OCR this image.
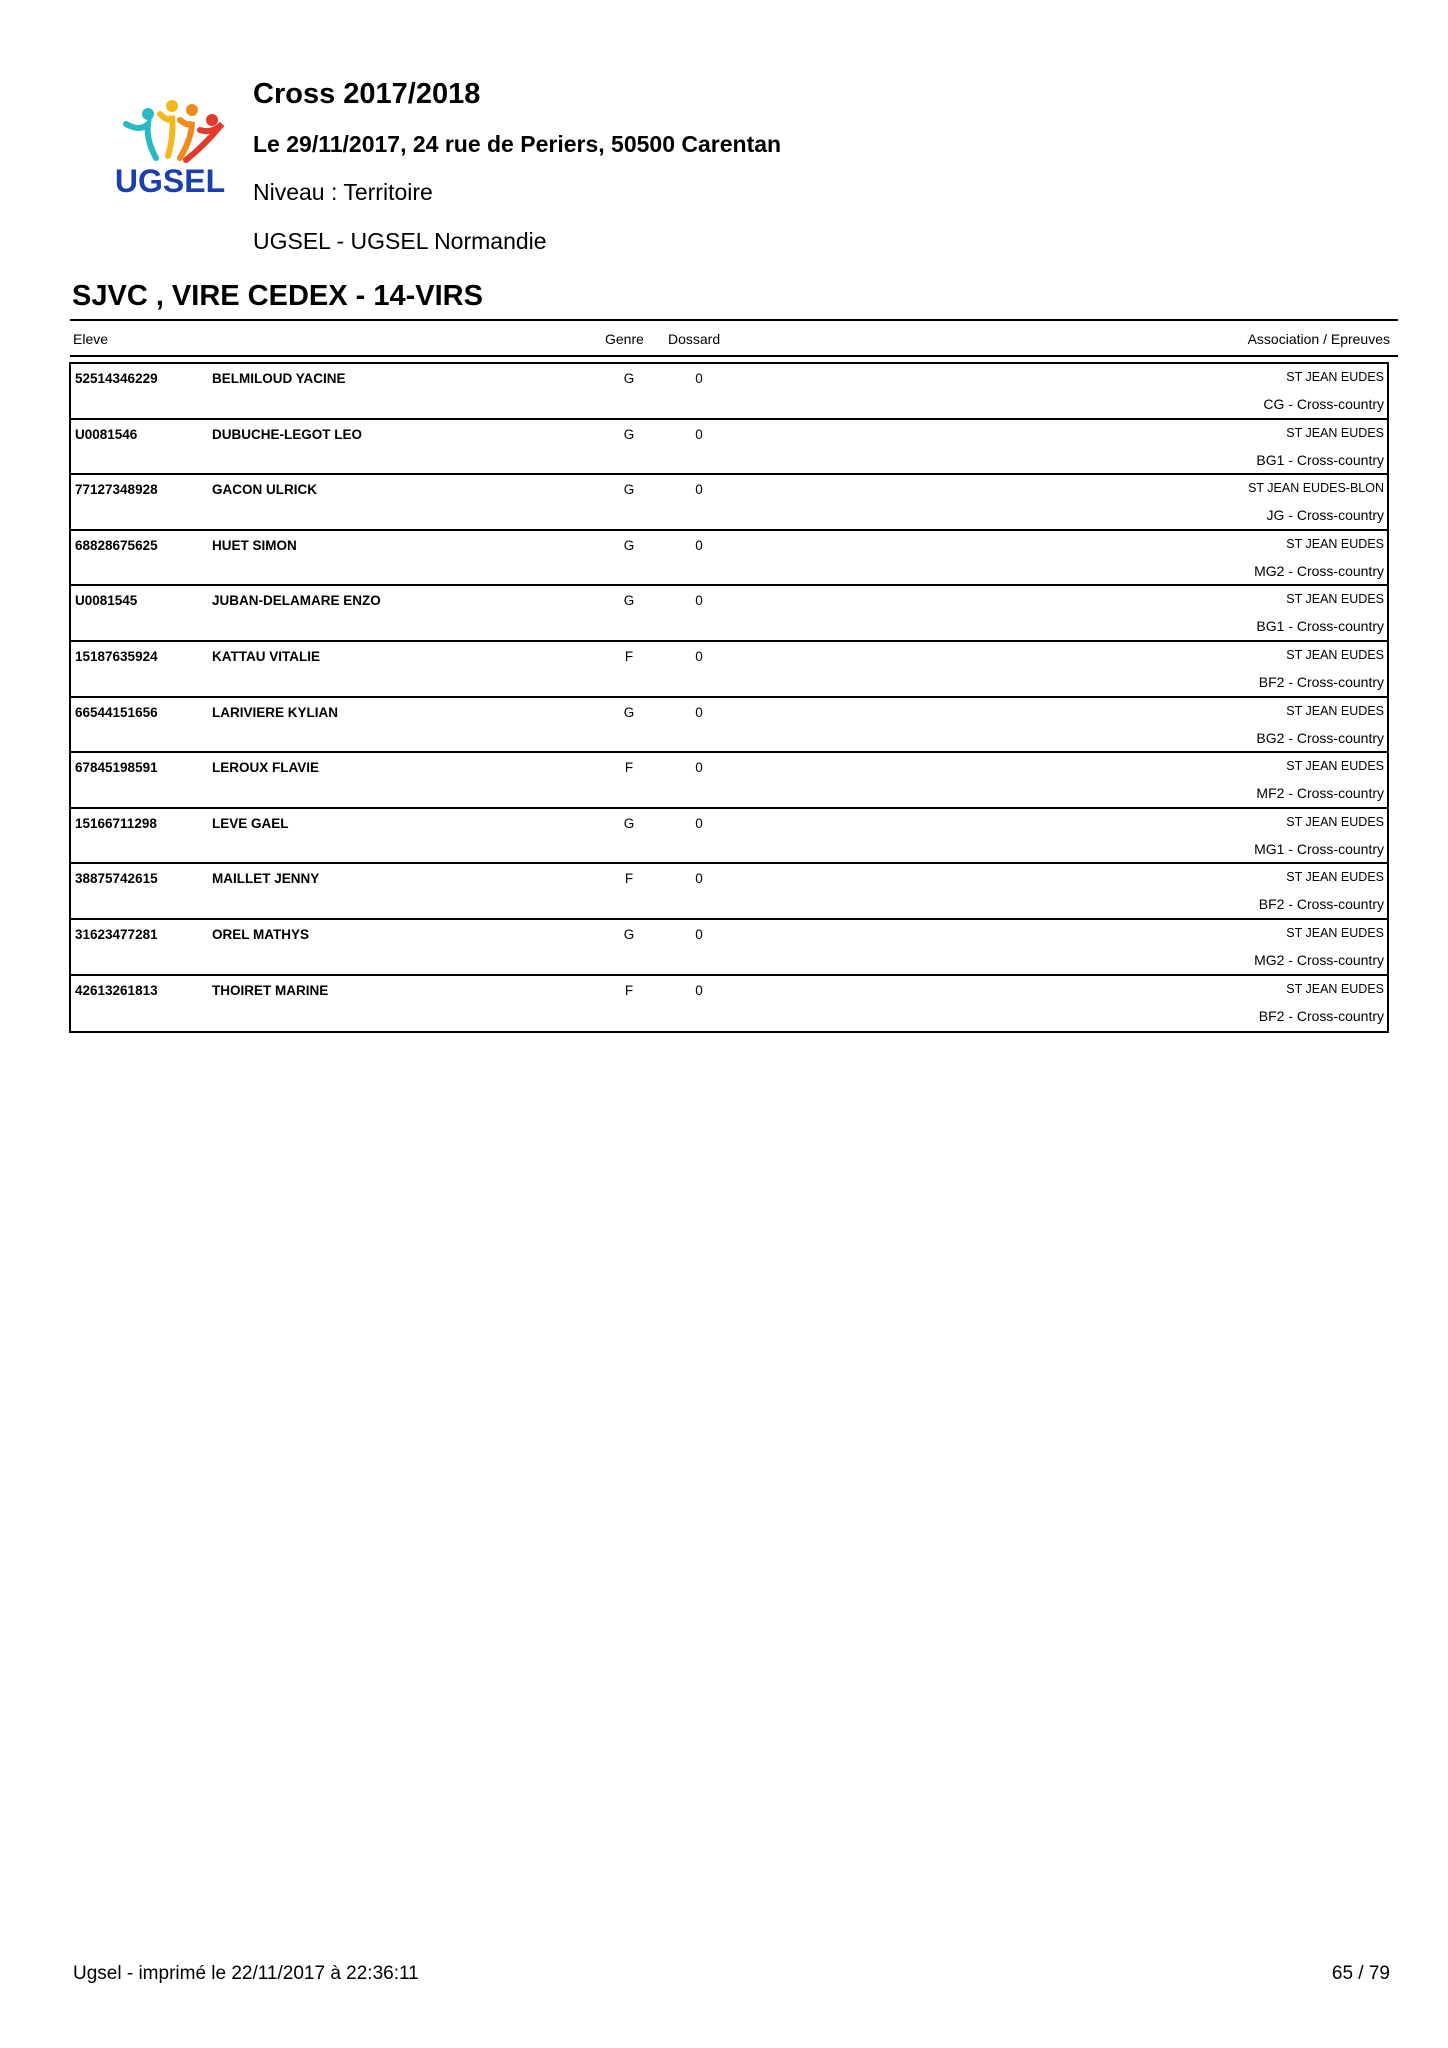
UGSEL
Cross 2017/2018
Le 29/11/2017, 24 rue de Periers, 50500 Carentan
Niveau : Territoire
UGSEL - UGSEL Normandie
SJVC , VIRE CEDEX - 14-VIRS
Eleve	Genre Dossard	Association / Epreuves
52514346229	BELMILOUD YACINE	G	0	ST JEAN EUDES
CG - Cross-country
U0081546	DUBUCHE-LEGOT LEO	G	0	ST JEAN EUDES
BG1 - Cross-country
77127348928	GACON ULRICK	G	0	ST JEAN EUDES-BLON
JG - Cross-country
68828675625	HUET SIMON	G	0	ST JEAN EUDES
MG2 - Cross-country
U0081545	JUBAN-DELAMARE ENZO	G	0	ST JEAN EUDES
BG1 - Cross-country
15187635924	KATTAU VITALIE	F	0	ST JEAN EUDES
BF2 - Cross-country
66544151656	LARIVIERE KYLIAN	G	0	ST JEAN EUDES
BG2 - Cross-country
67845198591	LEROUX FLAVIE	F	0	ST JEAN EUDES
MF2 - Cross-country
15166711298	LEVE GAEL	G	0	ST JEAN EUDES
MG1 - Cross-country
38875742615	MAILLET JENNY	F	0	ST JEAN EUDES
BF2 - Cross-country
31623477281	OREL MATHYS	G	0	ST JEAN EUDES
MG2 - Cross-country
42613261813	THOIRET MARINE	F	0	ST JEAN EUDES
BF2 - Cross-country
Ugsel - imprimé le 22/11/2017 à 22:36:11	65 / 79
